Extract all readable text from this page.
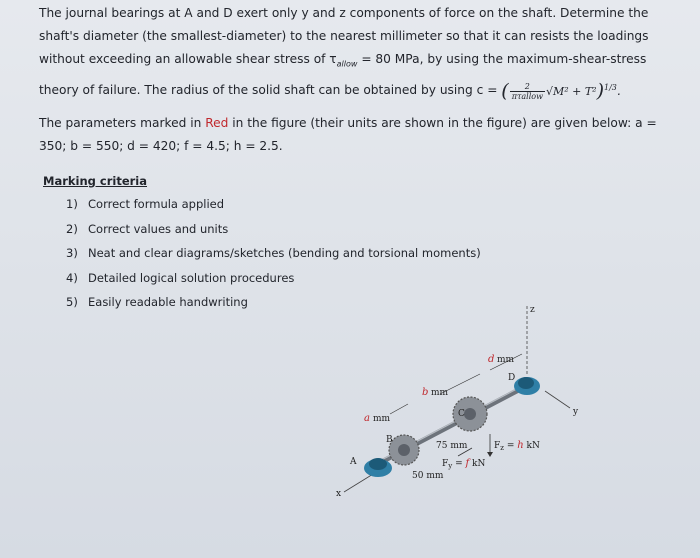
The journal bearings at A and D exert only y and z components of force on the shaft. Determine the
shaft's diameter (the smallest-diameter) to the nearest millimeter so that it can resists the loadings
without exceeding an allowable shear stress of $\tau_{allow} = 80$ MPa, by using the maximum-shear-stress
theory of failure. The radius of the solid shaft can be obtained by using c = ( $\frac{2}{\text{πτallow}} √M^2 + T^2)^{1/3}$.
The parameters marked in Red in the figure (their units are shown in the figure) are given below: a =
350; b = 550; d = 420; f = 4.5; h = 2.5.
Marking criteria
1) Correct formula applied
2) Correct values and units
3) Neat and clear diagrams/sketches (bending and torsional moments)
4) Detailed logical solution procedures
5) Easily readable handwriting
z
y
x
A
D
B
C
a mm
b mm
d mm
75 mm
50 mm
Fz = h kN
Fy = f kN
